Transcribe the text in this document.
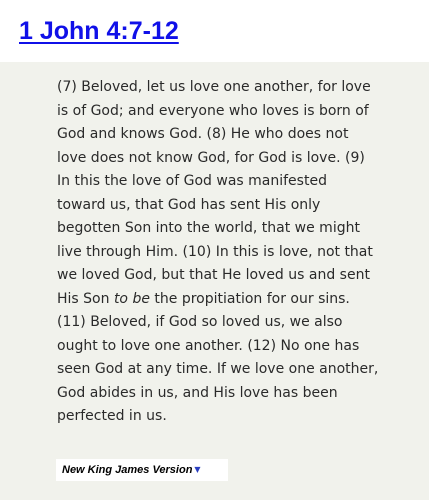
1 John 4:7-12

(7) Beloved, let us love one another, for love is of God; and everyone who loves is born of God and knows God. (8) He who does not love does not know God, for God is love. (9) In this the love of God was manifested toward us, that God has sent His only begotten Son into the world, that we might live through Him. (10) In this is love, not that we loved God, but that He loved us and sent His Son to be the propitiation for our sins. (11) Beloved, if God so loved us, we also ought to love one another. (12) No one has seen God at any time. If we love one another, God abides in us, and His love has been perfected in us.

New King James Version ▼
